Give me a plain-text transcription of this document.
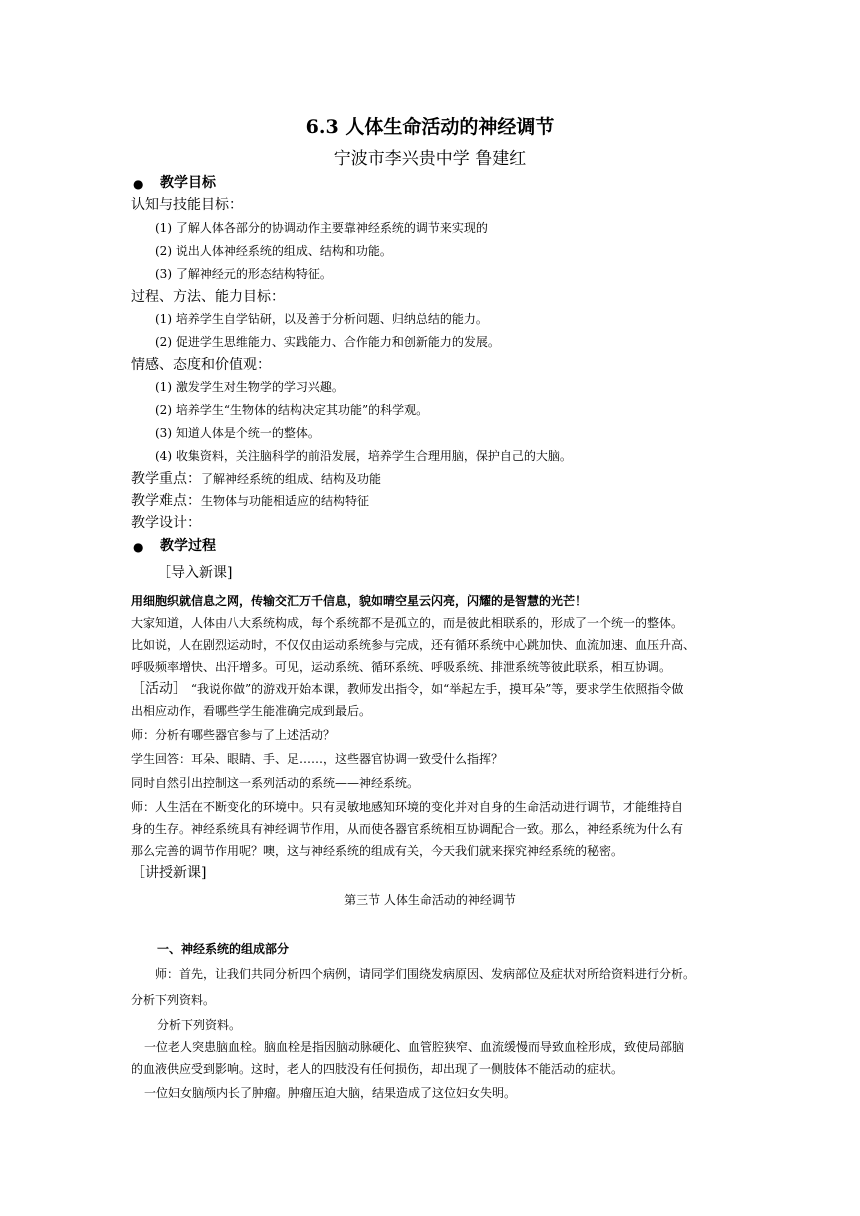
6.3 人体生命活动的神经调节
宁波市李兴贵中学 鲁建红
● 教学目标
认知与技能目标：
(1) 了解人体各部分的协调动作主要靠神经系统的调节来实现的
(2) 说出人体神经系统的组成、结构和功能。
(3) 了解神经元的形态结构特征。
过程、方法、能力目标：
(1) 培养学生自学钻研，以及善于分析问题、归纳总结的能力。
(2) 促进学生思维能力、实践能力、合作能力和创新能力的发展。
情感、态度和价值观：
(1) 激发学生对生物学的学习兴趣。
(2) 培养学生“生物体的结构决定其功能”的科学观。
(3) 知道人体是个统一的整体。
(4) 收集资料，关注脑科学的前沿发展，培养学生合理用脑，保护自己的大脑。
教学重点：了解神经系统的组成、结构及功能
教学难点：生物体与功能相适应的结构特征
教学设计：
● 教学过程
［导入新课]
用细胞织就信息之网，传输交汇万千信息，貌如晴空星云闪亮，闪耀的是智慧的光芒！
大家知道，人体由八大系统构成，每个系统都不是孤立的，而是彼此相联系的，形成了一个统一的整体。
比如说，人在剧烈运动时，不仅仅由运动系统参与完成，还有循环系统中心跳加快、血流加速、血压升高、
呼吸频率增快、出汗增多。可见，运动系统、循环系统、呼吸系统、排泄系统等彼此联系，相互协调。
［活动］ “我说你做”的游戏开始本课，教师发出指令，如“举起左手，摸耳朵”等，要求学生依照指令做
出相应动作，看哪些学生能准确完成到最后。
师：分析有哪些器官参与了上述活动？
学生回答：耳朵、眼睛、手、足……，这些器官协调一致受什么指挥？
同时自然引出控制这一系列活动的系统——神经系统。
师：人生活在不断变化的环境中。只有灵敏地感知环境的变化并对自身的生命活动进行调节，才能维持自
身的生存。神经系统具有神经调节作用，从而使各器官系统相互协调配合一致。那么，神经系统为什么有
那么完善的调节作用呢？噢，这与神经系统的组成有关，今天我们就来探究神经系统的秘密。
［讲授新课]
第三节 人体生命活动的神经调节
一、神经系统的组成部分
师：首先，让我们共同分析四个病例，请同学们围绕发病原因、发病部位及症状对所给资料进行分析。
分析下列资料。
分析下列资料。
一位老人突患脑血栓。脑血栓是指因脑动脉硬化、血管腔狭窄、血流缓慢而导致血栓形成，致使局部脑
的血液供应受到影响。这时，老人的四肢没有任何损伤，却出现了一侧肢体不能活动的症状。
一位妇女脑颅内长了肿瘤。肿瘤压迫大脑，结果造成了这位妇女失明。
